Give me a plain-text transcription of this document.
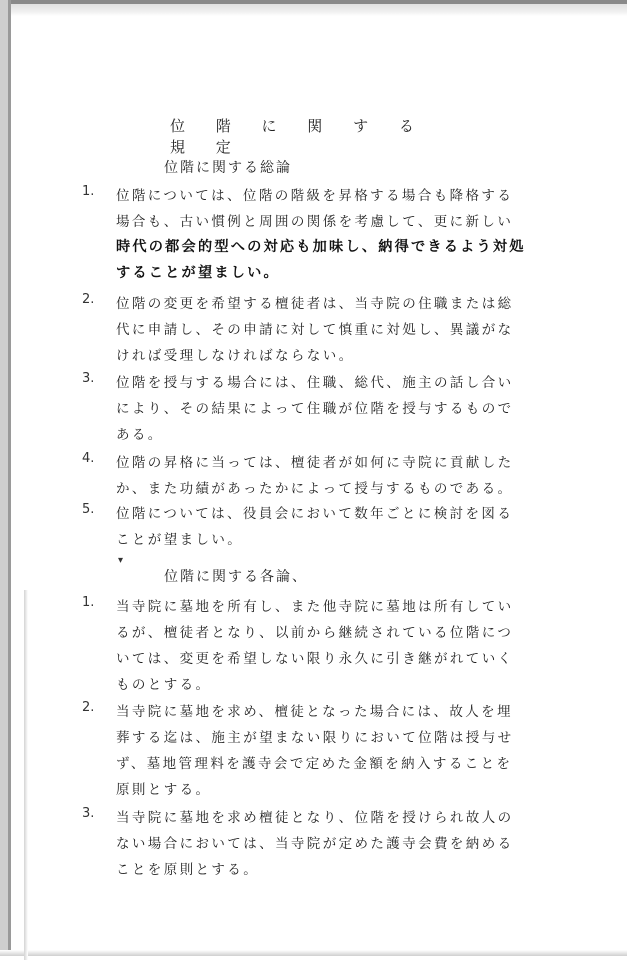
位 階 に 関 す る 規 定
位階に関する総論
1.	位階については、位階の階級を昇格する場合も降格する
場合も、古い慣例と周囲の関係を考慮して、更に新しい
時代の都会的型への対応も加味し、納得できるよう対処
することが望ましい。
2.	位階の変更を希望する檀徒者は、当寺院の住職または総
代に申請し、その申請に対して慎重に対処し、異議がな
ければ受理しなければならない。
3.	位階を授与する場合には、住職、総代、施主の話し合い
により、その結果によって住職が位階を授与するもので
ある。
4.	位階の昇格に当っては、檀徒者が如何に寺院に貢献した
か、また功績があったかによって授与するものである。
5.	位階については、役員会において数年ごとに検討を図る
ことが望ましい。
▾
位階に関する各論、
1.	当寺院に墓地を所有し、また他寺院に墓地は所有してい
るが、檀徒者となり、以前から継続されている位階につ
いては、変更を希望しない限り永久に引き継がれていく
ものとする。
2.	当寺院に墓地を求め、檀徒となった場合には、故人を埋
葬する迄は、施主が望まない限りにおいて位階は授与せ
ず、墓地管理料を護寺会で定めた金額を納入することを
原則とする。
3.	当寺院に墓地を求め檀徒となり、位階を授けられ故人の
ない場合においては、当寺院が定めた護寺会費を納める
ことを原則とする。
